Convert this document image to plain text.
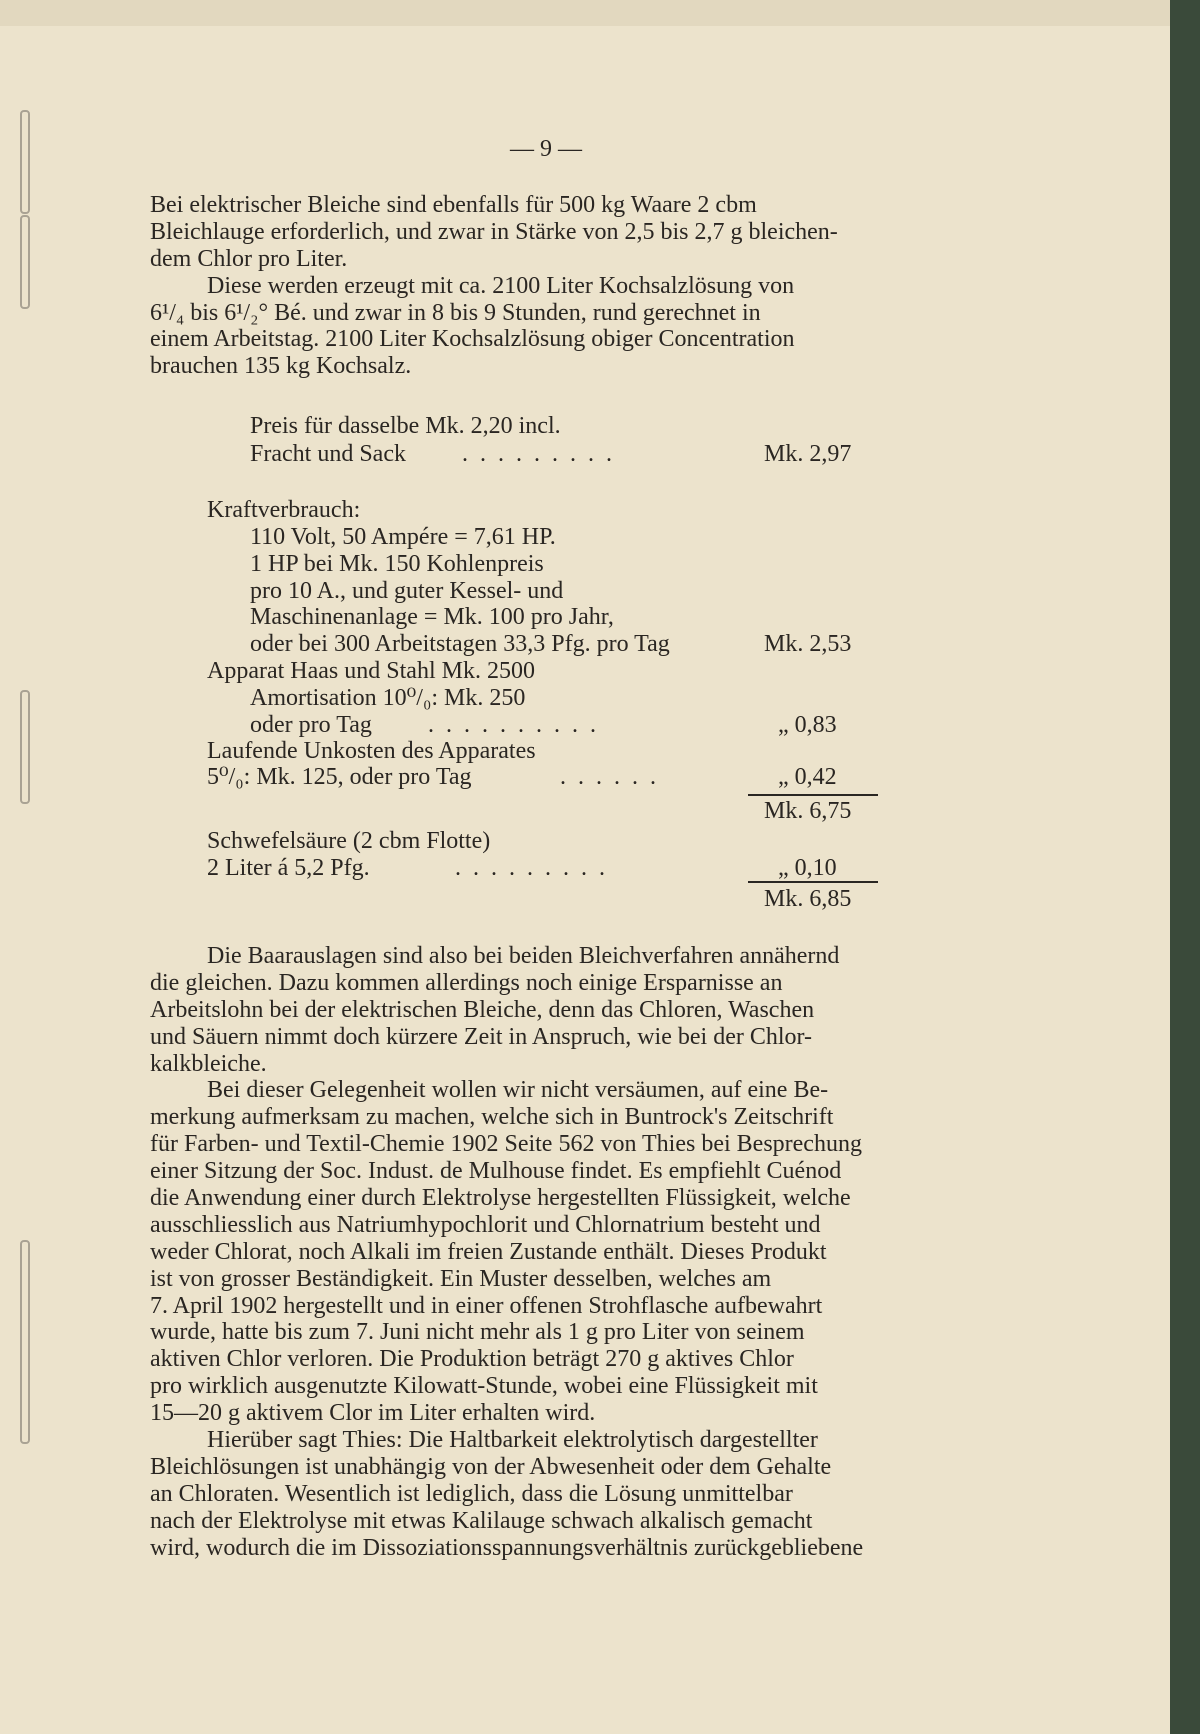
— 9 —
Bei elektrischer Bleiche sind ebenfalls für 500 kg Waare 2 cbm
Bleichlauge erforderlich, und zwar in Stärke von 2,5 bis 2,7 g bleichen-
dem Chlor pro Liter.
Diese werden erzeugt mit ca. 2100 Liter Kochsalzlösung von
6¹/₄ bis 6¹/₂° Bé. und zwar in 8 bis 9 Stunden, rund gerechnet in
einem Arbeitstag. 2100 Liter Kochsalzlösung obiger Concentration
brauchen 135 kg Kochsalz.
Preis für dasselbe Mk. 2,20 incl.
Fracht und Sack .........	Mk. 2,97
Kraftverbrauch:
110 Volt, 50 Ampére = 7,61 HP.
1 HP bei Mk. 150 Kohlenpreis
pro 10 A., und guter Kessel- und
Maschinenanlage = Mk. 100 pro Jahr,
oder bei 300 Arbeitstagen 33,3 Pfg. pro Tag	Mk. 2,53
Apparat Haas und Stahl Mk. 2500
Amortisation 10⁰/₀: Mk. 250
oder pro Tag ..........	„ 0,83
Laufende Unkosten des Apparates
5⁰/₀: Mk. 125, oder pro Tag	......	„ 0,42
Mk. 6,75
Schwefelsäure (2 cbm Flotte)
2 Liter á 5,2 Pfg.	.........	„ 0,10
Mk. 6,85
Die Baarauslagen sind also bei beiden Bleichverfahren annähernd
die gleichen. Dazu kommen allerdings noch einige Ersparnisse an
Arbeitslohn bei der elektrischen Bleiche, denn das Chloren, Waschen
und Säuern nimmt doch kürzere Zeit in Anspruch, wie bei der Chlor-
kalkbleiche.
Bei dieser Gelegenheit wollen wir nicht versäumen, auf eine Be-
merkung aufmerksam zu machen, welche sich in Buntrock's Zeitschrift
für Farben- und Textil-Chemie 1902 Seite 562 von Thies bei Besprechung
einer Sitzung der Soc. Indust. de Mulhouse findet. Es empfiehlt Cuénod
die Anwendung einer durch Elektrolyse hergestellten Flüssigkeit, welche
ausschliesslich aus Natriumhypochlorit und Chlornatrium besteht und
weder Chlorat, noch Alkali im freien Zustande enthält. Dieses Produkt
ist von grosser Beständigkeit. Ein Muster desselben, welches am
7. April 1902 hergestellt und in einer offenen Strohflasche aufbewahrt
wurde, hatte bis zum 7. Juni nicht mehr als 1 g pro Liter von seinem
aktiven Chlor verloren. Die Produktion beträgt 270 g aktives Chlor
pro wirklich ausgenutzte Kilowatt-Stunde, wobei eine Flüssigkeit mit
15—20 g aktivem Clor im Liter erhalten wird.
Hierüber sagt Thies: Die Haltbarkeit elektrolytisch dargestellter
Bleichlösungen ist unabhängig von der Abwesenheit oder dem Gehalte
an Chloraten. Wesentlich ist lediglich, dass die Lösung unmittelbar
nach der Elektrolyse mit etwas Kalilauge schwach alkalisch gemacht
wird, wodurch die im Dissoziationsspannungsverhältnis zurückgebliebene
